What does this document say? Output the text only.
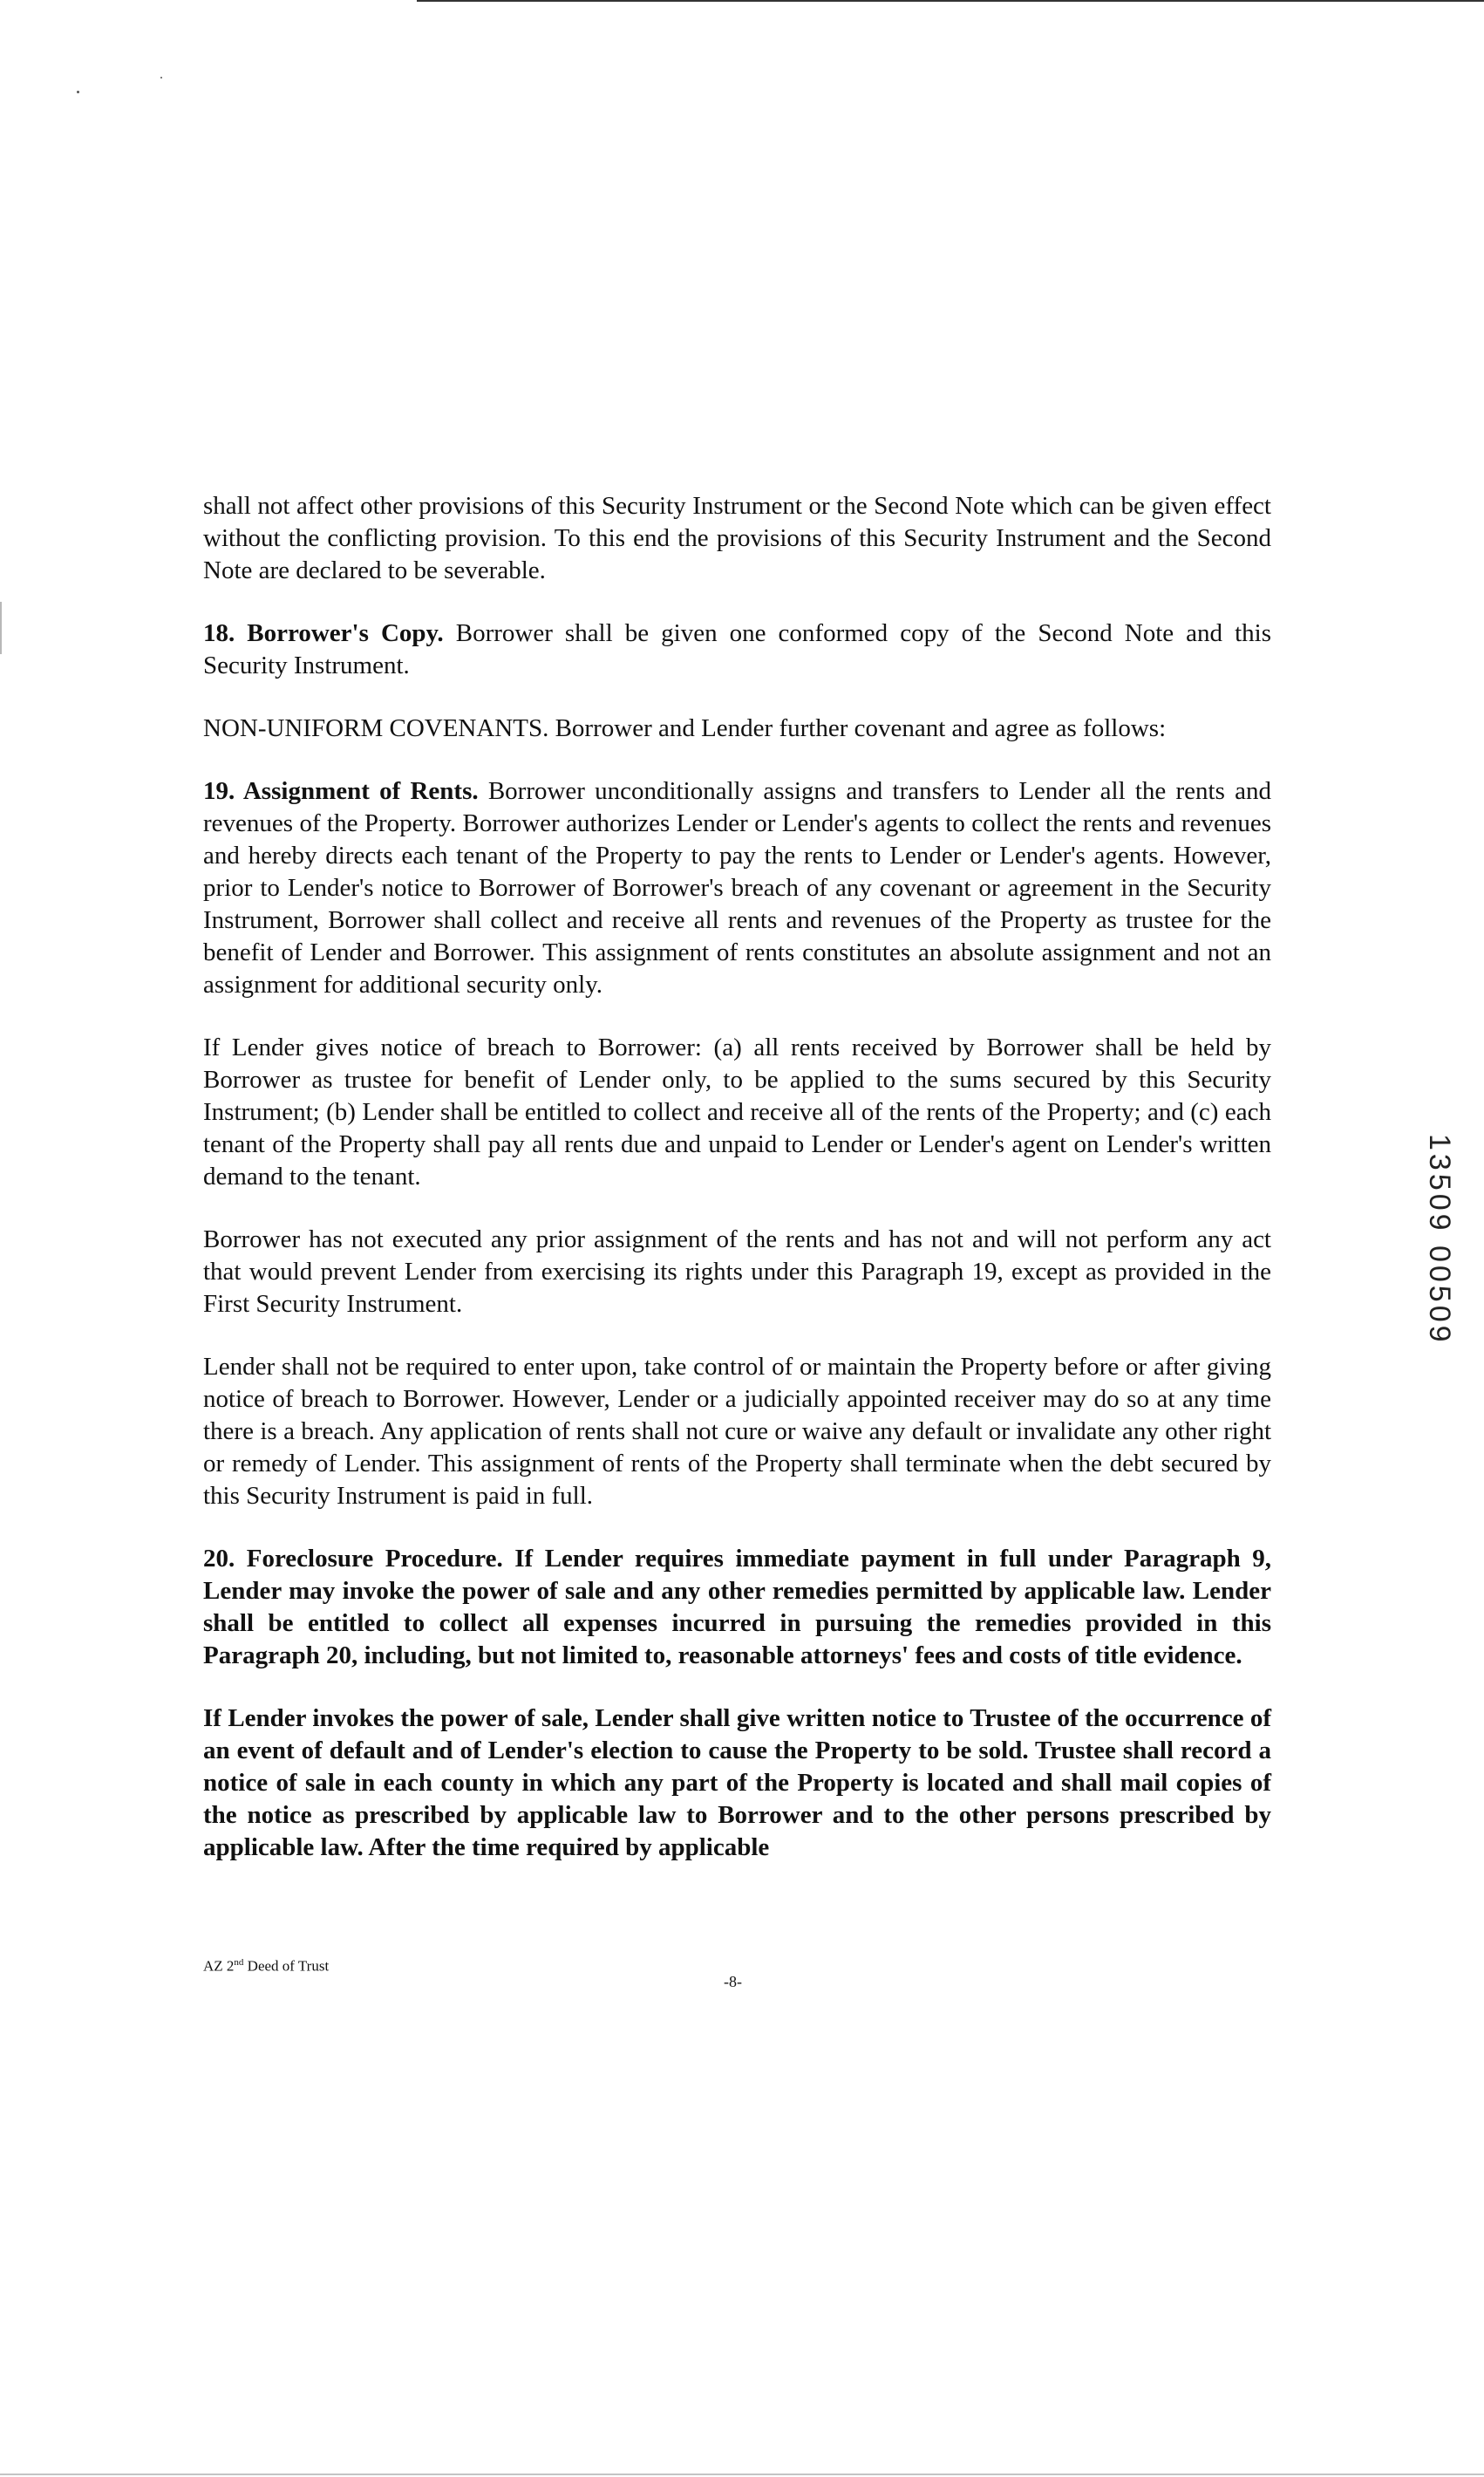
shall not affect other provisions of this Security Instrument or the Second Note which can be given effect without the conflicting provision. To this end the provisions of this Security Instrument and the Second Note are declared to be severable.

18. Borrower's Copy. Borrower shall be given one conformed copy of the Second Note and this Security Instrument.

NON-UNIFORM COVENANTS. Borrower and Lender further covenant and agree as follows:

19. Assignment of Rents. Borrower unconditionally assigns and transfers to Lender all the rents and revenues of the Property. Borrower authorizes Lender or Lender's agents to collect the rents and revenues and hereby directs each tenant of the Property to pay the rents to Lender or Lender's agents. However, prior to Lender's notice to Borrower of Borrower's breach of any covenant or agreement in the Security Instrument, Borrower shall collect and receive all rents and revenues of the Property as trustee for the benefit of Lender and Borrower. This assignment of rents constitutes an absolute assignment and not an assignment for additional security only.

If Lender gives notice of breach to Borrower: (a) all rents received by Borrower shall be held by Borrower as trustee for benefit of Lender only, to be applied to the sums secured by this Security Instrument; (b) Lender shall be entitled to collect and receive all of the rents of the Property; and (c) each tenant of the Property shall pay all rents due and unpaid to Lender or Lender's agent on Lender's written demand to the tenant.

Borrower has not executed any prior assignment of the rents and has not and will not perform any act that would prevent Lender from exercising its rights under this Paragraph 19, except as provided in the First Security Instrument.

Lender shall not be required to enter upon, take control of or maintain the Property before or after giving notice of breach to Borrower. However, Lender or a judicially appointed receiver may do so at any time there is a breach. Any application of rents shall not cure or waive any default or invalidate any other right or remedy of Lender. This assignment of rents of the Property shall terminate when the debt secured by this Security Instrument is paid in full.

20. Foreclosure Procedure. If Lender requires immediate payment in full under Paragraph 9, Lender may invoke the power of sale and any other remedies permitted by applicable law. Lender shall be entitled to collect all expenses incurred in pursuing the remedies provided in this Paragraph 20, including, but not limited to, reasonable attorneys' fees and costs of title evidence.

If Lender invokes the power of sale, Lender shall give written notice to Trustee of the occurrence of an event of default and of Lender's election to cause the Property to be sold. Trustee shall record a notice of sale in each county in which any part of the Property is located and shall mail copies of the notice as prescribed by applicable law to Borrower and to the other persons prescribed by applicable law. After the time required by applicable

AZ 2nd Deed of Trust
-8-
13509 00509
